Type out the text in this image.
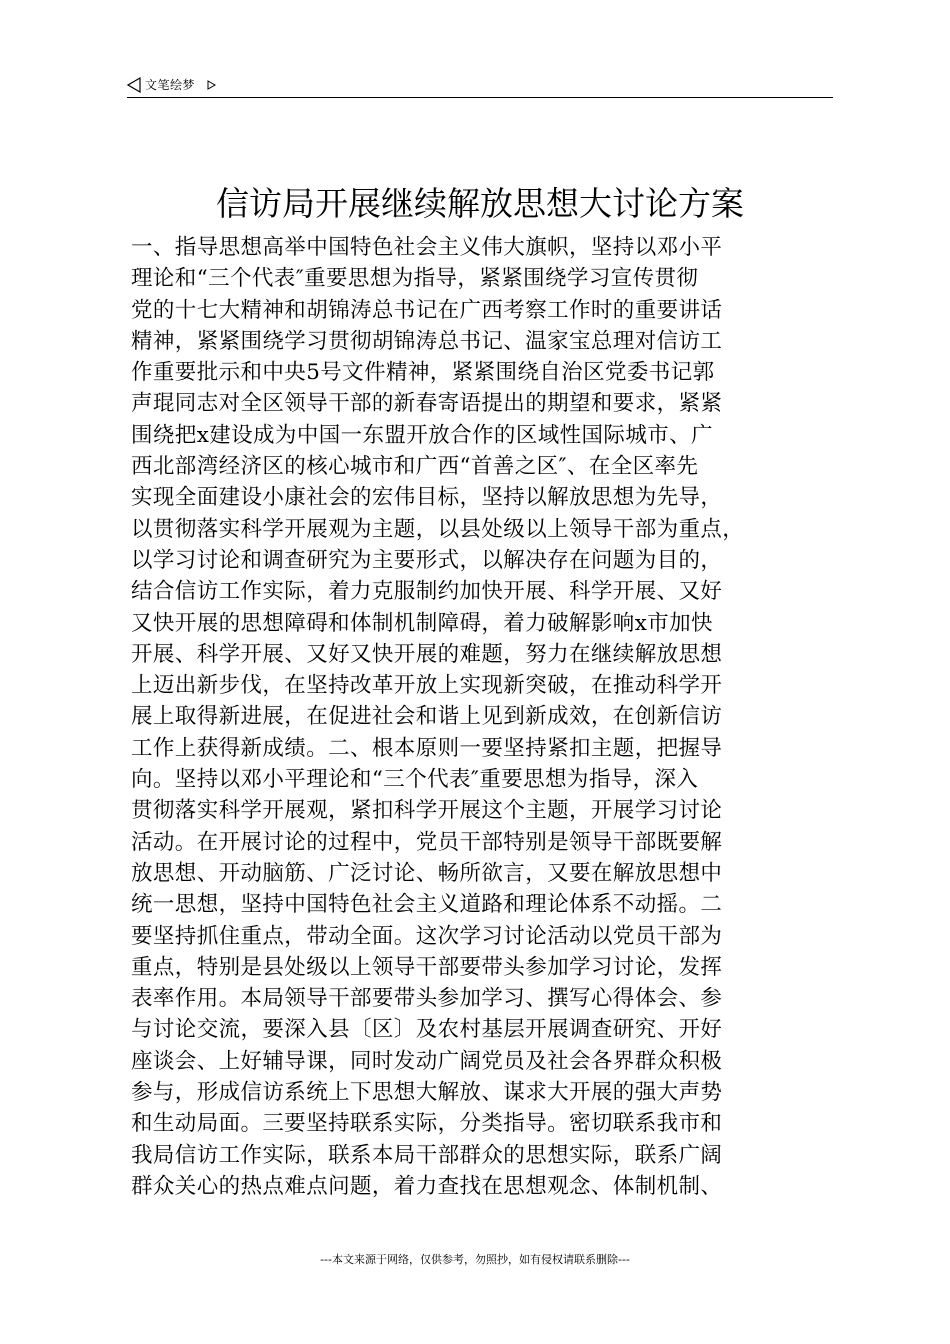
文笔绘梦
信访局开展继续解放思想大讨论方案
一、指导思想高举中国特色社会主义伟大旗帜，坚持以邓小平
理论和“三个代表″重要思想为指导，紧紧围绕学习宣传贯彻
党的十七大精神和胡锦涛总书记在广西考察工作时的重要讲话
精神，紧紧围绕学习贯彻胡锦涛总书记、温家宝总理对信访工
作重要批示和中央5号文件精神，紧紧围绕自治区党委书记郭
声琨同志对全区领导干部的新春寄语提出的期望和要求，紧紧
围绕把x建设成为中国一东盟开放合作的区域性国际城市、广
西北部湾经济区的核心城市和广西“首善之区″、在全区率先
实现全面建设小康社会的宏伟目标，坚持以解放思想为先导，
以贯彻落实科学开展观为主题，以县处级以上领导干部为重点，
以学习讨论和调查研究为主要形式，以解决存在问题为目的，
结合信访工作实际，着力克服制约加快开展、科学开展、又好
又快开展的思想障碍和体制机制障碍，着力破解影响x市加快
开展、科学开展、又好又快开展的难题，努力在继续解放思想
上迈出新步伐，在坚持改革开放上实现新突破，在推动科学开
展上取得新进展，在促进社会和谐上见到新成效，在创新信访
工作上获得新成绩。二、根本原则一要坚持紧扣主题，把握导
向。坚持以邓小平理论和“三个代表″重要思想为指导，深入
贯彻落实科学开展观，紧扣科学开展这个主题，开展学习讨论
活动。在开展讨论的过程中，党员干部特别是领导干部既要解
放思想、开动脑筋、广泛讨论、畅所欲言，又要在解放思想中
统一思想，坚持中国特色社会主义道路和理论体系不动摇。二
要坚持抓住重点，带动全面。这次学习讨论活动以党员干部为
重点，特别是县处级以上领导干部要带头参加学习讨论，发挥
表率作用。本局领导干部要带头参加学习、撰写心得体会、参
与讨论交流，要深入县〔区〕及农村基层开展调查研究、开好
座谈会、上好辅导课，同时发动广阔党员及社会各界群众积极
参与，形成信访系统上下思想大解放、谋求大开展的强大声势
和生动局面。三要坚持联系实际，分类指导。密切联系我市和
我局信访工作实际，联系本局干部群众的思想实际，联系广阔
群众关心的热点难点问题，着力查找在思想观念、体制机制、
---本文来源于网络，仅供参考，勿照抄，如有侵权请联系删除---
